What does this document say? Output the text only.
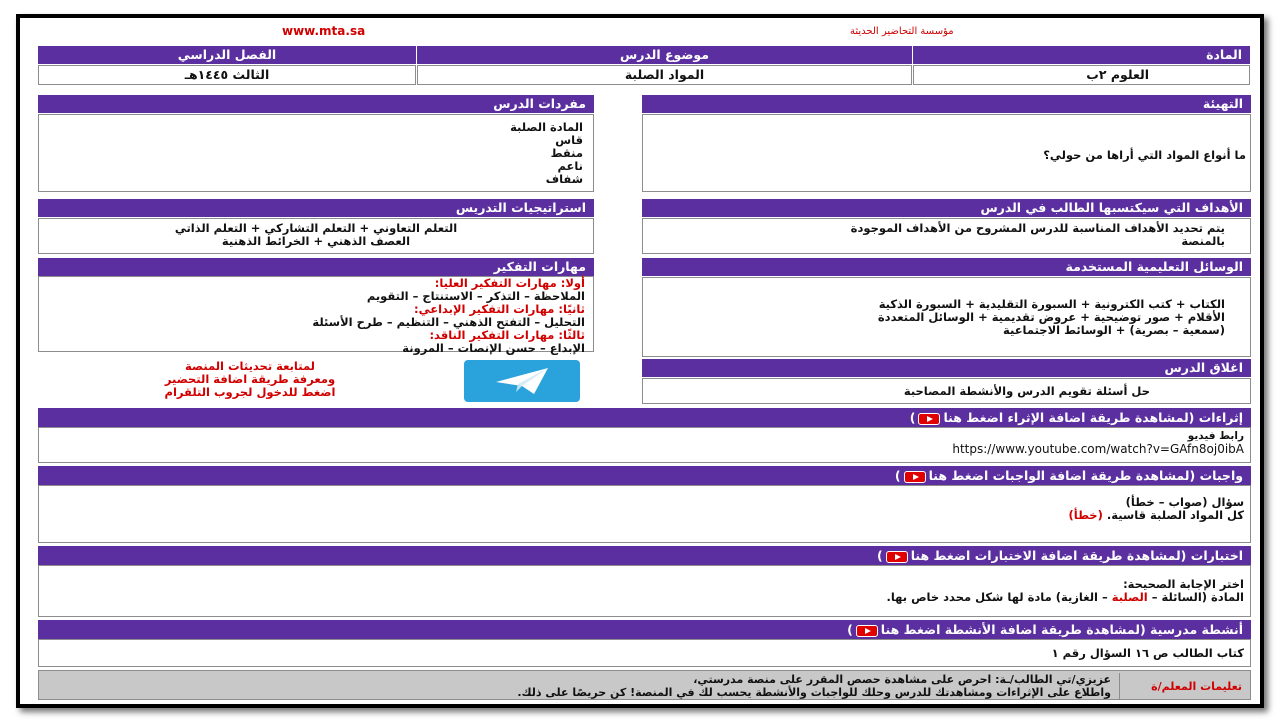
www.mta.sa	مؤسسة التحاضير الحديثة
الفصل الدراسي	موضوع الدرس	المادة
الثالث ١٤٤٥هـ	المواد الصلبة	العلوم ٢ب
التهيئة
ما أنواع المواد التي أراها من حولي؟
مفردات الدرس
المادة الصلبة
قاس
منقط
ناعم
شفاف
الأهداف التي سيكتسبها الطالب في الدرس
يتم تحديد الأهداف المناسبة للدرس المشروح من الأهداف الموجودة
بالمنصة
استراتيجيات التدريس
التعلم التعاوني + التعلم التشاركي + التعلم الذاتي
العصف الذهني + الخرائط الذهنية
الوسائل التعليمية المستخدمة
الكتاب + كتب الكترونية + السبورة التقليدية + السبورة الذكية
الأقلام + صور توضيحية + عروض تقديمية + الوسائل المتعددة
(سمعية – بصرية) + الوسائط الاجتماعية
مهارات التفكير
أولا: مهارات التفكير العليا:
الملاحظة – التذكر – الاستنتاج – التقويم
ثانيًا: مهارات التفكير الإبداعي:
التحليل – التفتح الذهني – التنظيم – طرح الأسئلة
ثالثًا: مهارات التفكير الناقد:
الإبداع – حسن الإنصات – المرونة
لمتابعة تحديثات المنصة
ومعرفة طريقة اضافة التحضير
اضغط للدخول لجروب التلقرام
اغلاق الدرس
حل أسئلة تقويم الدرس والأنشطة المصاحبة
إثراءات (لمشاهدة طريقة اضافة الإثراء اضغط هنا)
رابط فيديو
https://www.youtube.com/watch?v=GAfn8oj0ibA
واجبات (لمشاهدة طريقة اضافة الواجبات اضغط هنا)
سؤال (صواب – خطأ)
كل المواد الصلبة قاسية. (خطأ)
اختبارات (لمشاهدة طريقة اضافة الاختبارات اضغط هنا)
اختر الإجابة الصحيحة:
المادة (السائلة – الصلبة – الغازية) مادة لها شكل محدد خاص بها.
أنشطة مدرسية (لمشاهدة طريقة اضافة الأنشطة اضغط هنا)
كتاب الطالب ص ١٦ السؤال رقم ١
تعليمات المعلم/ة
عزيزي/تي الطالب/ـة: احرص على مشاهدة حصص المقرر على منصة مدرستي،
واطلاع على الإثراءات ومشاهدتك للدرس وحلك للواجبات والأنشطة يحسب لك في المنصة! كن حريصًا على ذلك.
